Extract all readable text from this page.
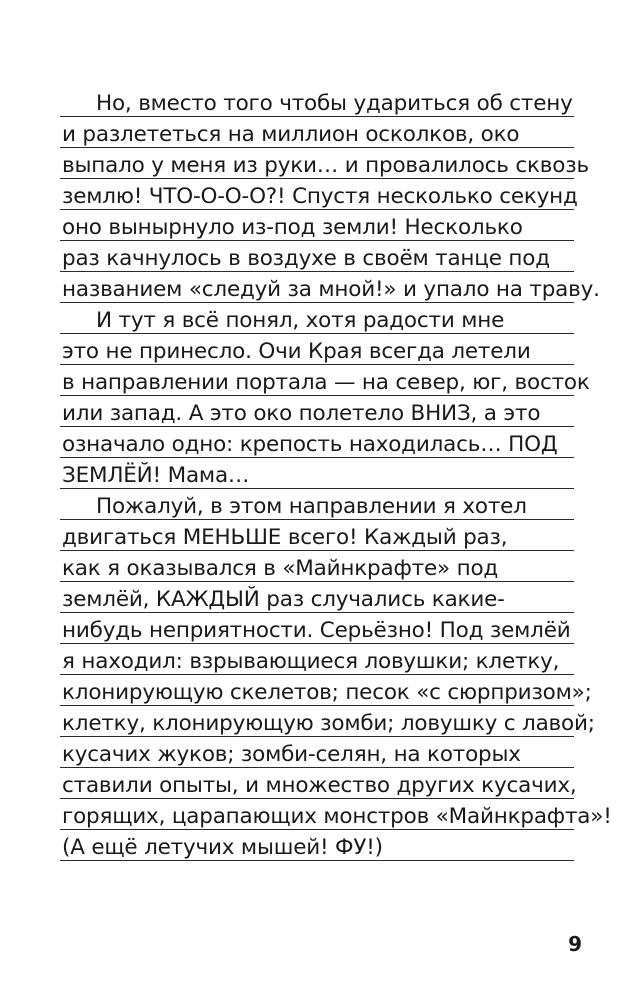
Но, вместо того чтобы удариться об стену
и разлететься на миллион осколков, око
выпало у меня из руки… и провалилось сквозь
землю! ЧТО-О-О-О?! Спустя несколько секунд
оно вынырнуло из-под земли! Несколько
раз качнулось в воздухе в своём танце под
названием «следуй за мной!» и упало на траву.
И тут я всё понял, хотя радости мне
это не принесло. Очи Края всегда летели
в направлении портала — на север, юг, восток
или запад. А это око полетело ВНИЗ, а это
означало одно: крепость находилась… ПОД
ЗЕМЛЁЙ! Мама…
Пожалуй, в этом направлении я хотел
двигаться МЕНЬШЕ всего! Каждый раз,
как я оказывался в «Майнкрафте» под
землёй, КАЖДЫЙ раз случались какие-
нибудь неприятности. Серьёзно! Под землёй
я находил: взрывающиеся ловушки; клетку,
клонирующую скелетов; песок «с сюрпризом»;
клетку, клонирующую зомби; ловушку с лавой;
кусачих жуков; зомби-селян, на которых
ставили опыты, и множество других кусачих,
горящих, царапающих монстров «Майнкрафта»!
(А ещё летучих мышей! ФУ!)
9
